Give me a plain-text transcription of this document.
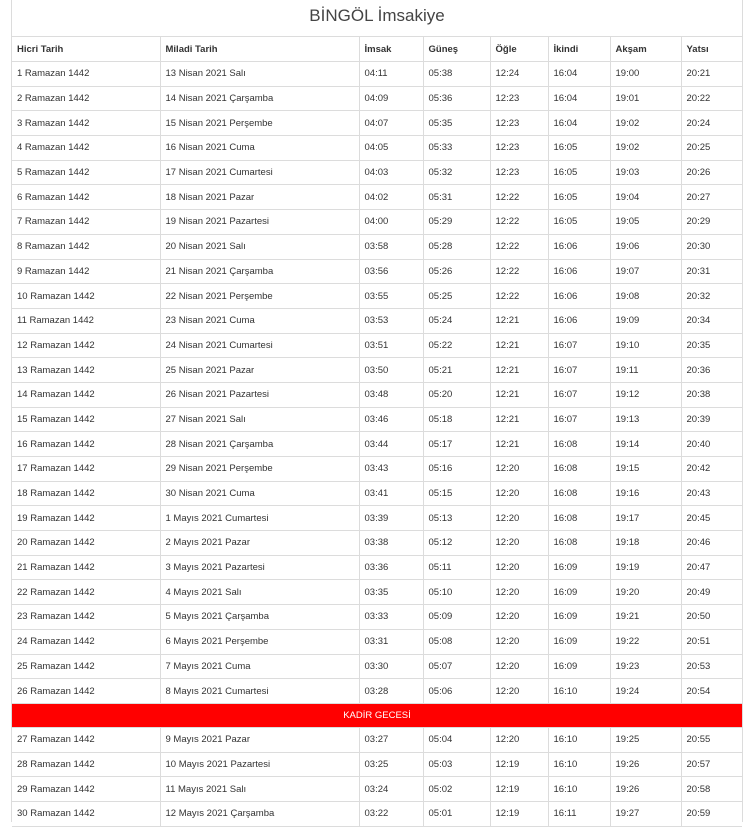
BİNGÖL İmsakiye
Hicri Tarih	Miladi Tarih	İmsak	Güneş	Öğle	İkindi	Akşam	Yatsı
1 Ramazan 1442	13 Nisan 2021 Salı	04:11	05:38	12:24	16:04	19:00	20:21
2 Ramazan 1442	14 Nisan 2021 Çarşamba	04:09	05:36	12:23	16:04	19:01	20:22
3 Ramazan 1442	15 Nisan 2021 Perşembe	04:07	05:35	12:23	16:04	19:02	20:24
4 Ramazan 1442	16 Nisan 2021 Cuma	04:05	05:33	12:23	16:05	19:02	20:25
5 Ramazan 1442	17 Nisan 2021 Cumartesi	04:03	05:32	12:23	16:05	19:03	20:26
6 Ramazan 1442	18 Nisan 2021 Pazar	04:02	05:31	12:22	16:05	19:04	20:27
7 Ramazan 1442	19 Nisan 2021 Pazartesi	04:00	05:29	12:22	16:05	19:05	20:29
8 Ramazan 1442	20 Nisan 2021 Salı	03:58	05:28	12:22	16:06	19:06	20:30
9 Ramazan 1442	21 Nisan 2021 Çarşamba	03:56	05:26	12:22	16:06	19:07	20:31
10 Ramazan 1442	22 Nisan 2021 Perşembe	03:55	05:25	12:22	16:06	19:08	20:32
11 Ramazan 1442	23 Nisan 2021 Cuma	03:53	05:24	12:21	16:06	19:09	20:34
12 Ramazan 1442	24 Nisan 2021 Cumartesi	03:51	05:22	12:21	16:07	19:10	20:35
13 Ramazan 1442	25 Nisan 2021 Pazar	03:50	05:21	12:21	16:07	19:11	20:36
14 Ramazan 1442	26 Nisan 2021 Pazartesi	03:48	05:20	12:21	16:07	19:12	20:38
15 Ramazan 1442	27 Nisan 2021 Salı	03:46	05:18	12:21	16:07	19:13	20:39
16 Ramazan 1442	28 Nisan 2021 Çarşamba	03:44	05:17	12:21	16:08	19:14	20:40
17 Ramazan 1442	29 Nisan 2021 Perşembe	03:43	05:16	12:20	16:08	19:15	20:42
18 Ramazan 1442	30 Nisan 2021 Cuma	03:41	05:15	12:20	16:08	19:16	20:43
19 Ramazan 1442	1 Mayıs 2021 Cumartesi	03:39	05:13	12:20	16:08	19:17	20:45
20 Ramazan 1442	2 Mayıs 2021 Pazar	03:38	05:12	12:20	16:08	19:18	20:46
21 Ramazan 1442	3 Mayıs 2021 Pazartesi	03:36	05:11	12:20	16:09	19:19	20:47
22 Ramazan 1442	4 Mayıs 2021 Salı	03:35	05:10	12:20	16:09	19:20	20:49
23 Ramazan 1442	5 Mayıs 2021 Çarşamba	03:33	05:09	12:20	16:09	19:21	20:50
24 Ramazan 1442	6 Mayıs 2021 Perşembe	03:31	05:08	12:20	16:09	19:22	20:51
25 Ramazan 1442	7 Mayıs 2021 Cuma	03:30	05:07	12:20	16:09	19:23	20:53
26 Ramazan 1442	8 Mayıs 2021 Cumartesi	03:28	05:06	12:20	16:10	19:24	20:54
KADİR GECESİ							
27 Ramazan 1442	9 Mayıs 2021 Pazar	03:27	05:04	12:20	16:10	19:25	20:55
28 Ramazan 1442	10 Mayıs 2021 Pazartesi	03:25	05:03	12:19	16:10	19:26	20:57
29 Ramazan 1442	11 Mayıs 2021 Salı	03:24	05:02	12:19	16:10	19:26	20:58
30 Ramazan 1442	12 Mayıs 2021 Çarşamba	03:22	05:01	12:19	16:11	19:27	20:59
